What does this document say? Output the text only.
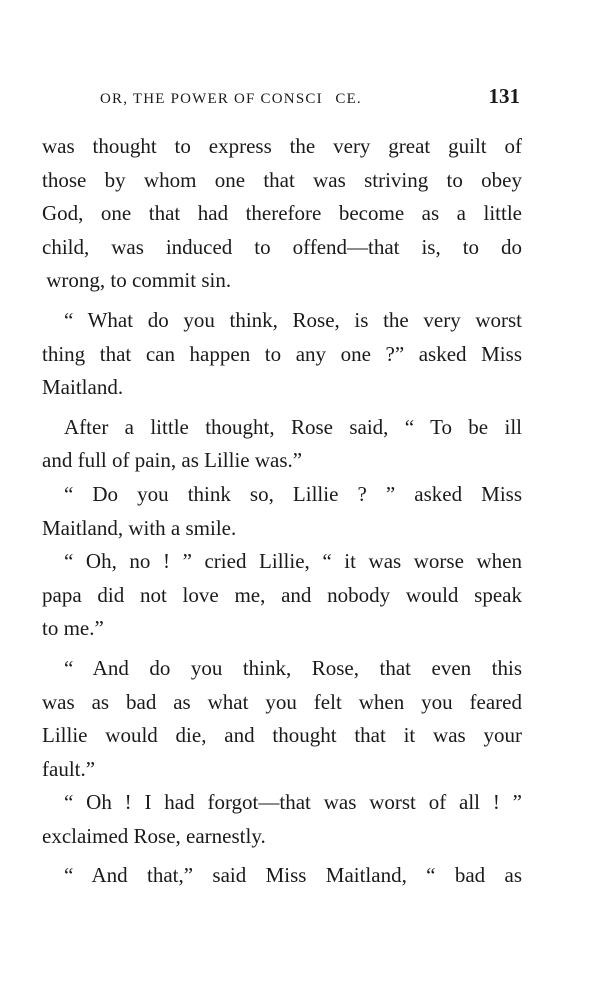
OR, THE POWER OF CONSCI   CE.	131

was thought to express the very great guilt of

those by whom one that was striving to obey

God, one that had therefore become as a little

child, was induced to offend—that is, to do

 wrong, to commit sin.

“ What do you think, Rose, is the very worst

thing that can happen to any one ?” asked Miss

Maitland.

After a little thought, Rose said, “ To be ill

and full of pain, as Lillie was.”

“ Do you think so, Lillie ? ” asked Miss

Maitland, with a smile.

“ Oh, no ! ” cried Lillie, “ it was worse when

papa did not love me, and nobody would speak

to me.”

“ And do you think, Rose, that even this

was as bad as what you felt when you feared

Lillie would die, and thought that it was your

fault.”

“ Oh ! I had forgot—that was worst of all ! ”

exclaimed Rose, earnestly.

“ And that,” said Miss Maitland, “ bad as
